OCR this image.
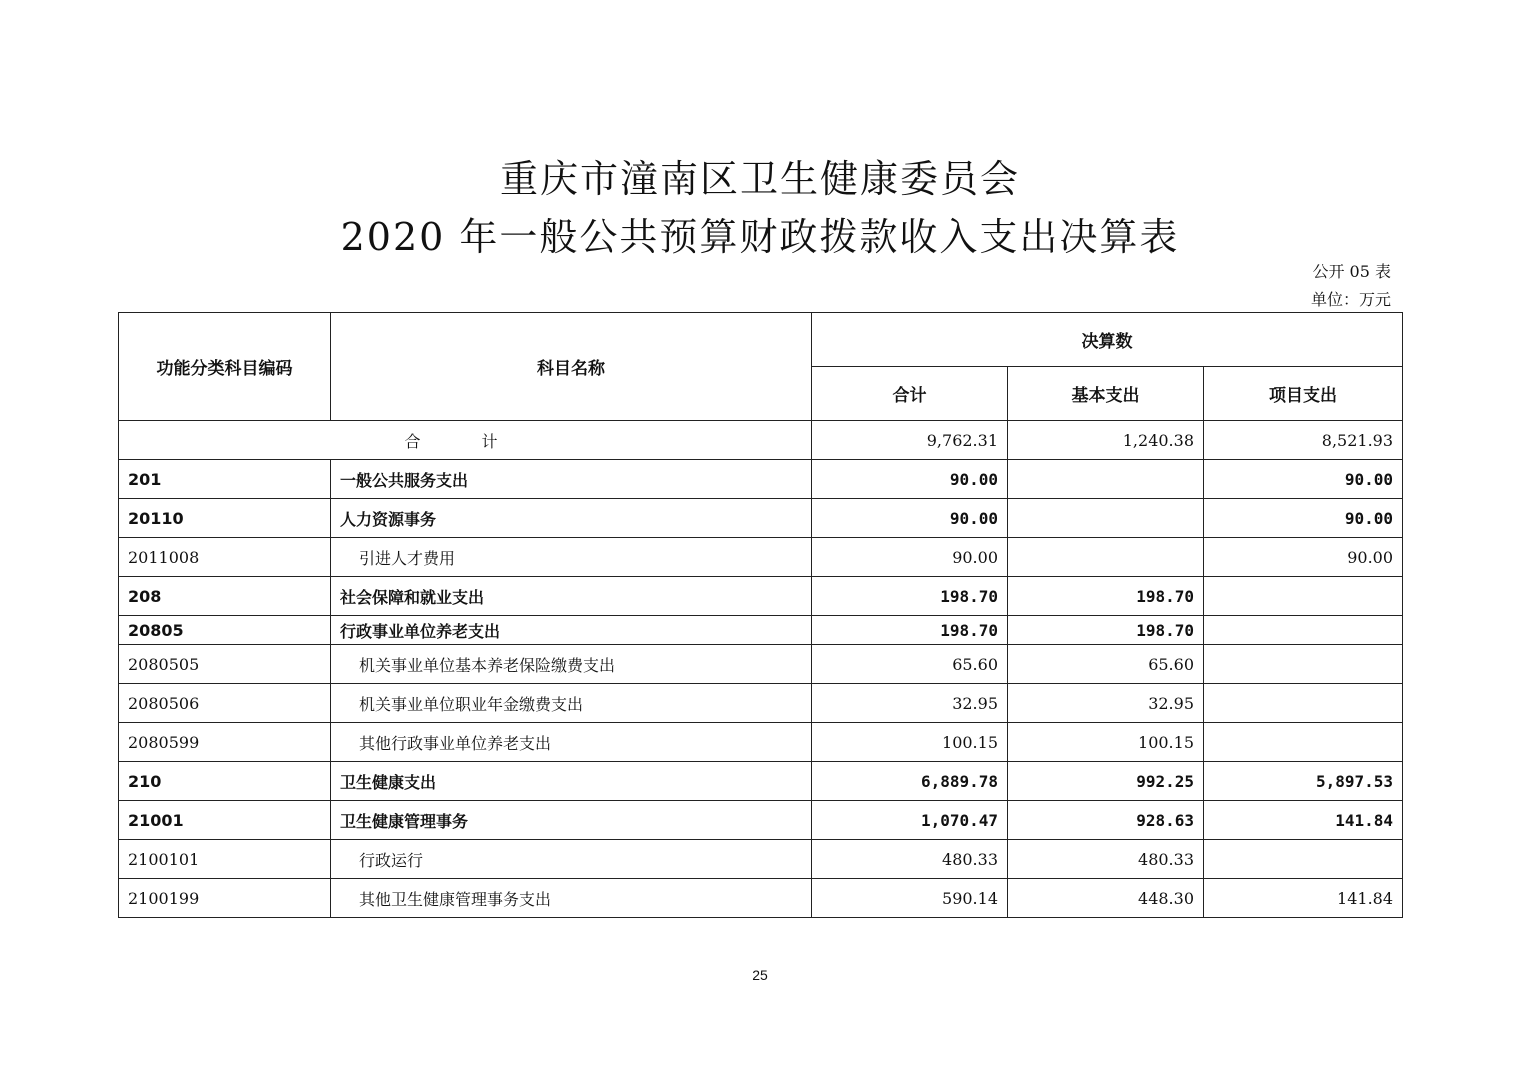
重庆市潼南区卫生健康委员会
2020 年一般公共预算财政拨款收入支出决算表
公开 05 表
单位：万元
功能分类科目编码	科目名称	决算数		
		合计	基本支出	项目支出
合 计		9,762.31	1,240.38	8,521.93
201	一般公共服务支出	90.00		90.00
20110	人力资源事务	90.00		90.00
2011008	引进人才费用	90.00		90.00
208	社会保障和就业支出	198.70	198.70	
20805	行政事业单位养老支出	198.70	198.70	
2080505	机关事业单位基本养老保险缴费支出	65.60	65.60	
2080506	机关事业单位职业年金缴费支出	32.95	32.95	
2080599	其他行政事业单位养老支出	100.15	100.15	
210	卫生健康支出	6,889.78	992.25	5,897.53
21001	卫生健康管理事务	1,070.47	928.63	141.84
2100101	行政运行	480.33	480.33	
2100199	其他卫生健康管理事务支出	590.14	448.30	141.84
25
